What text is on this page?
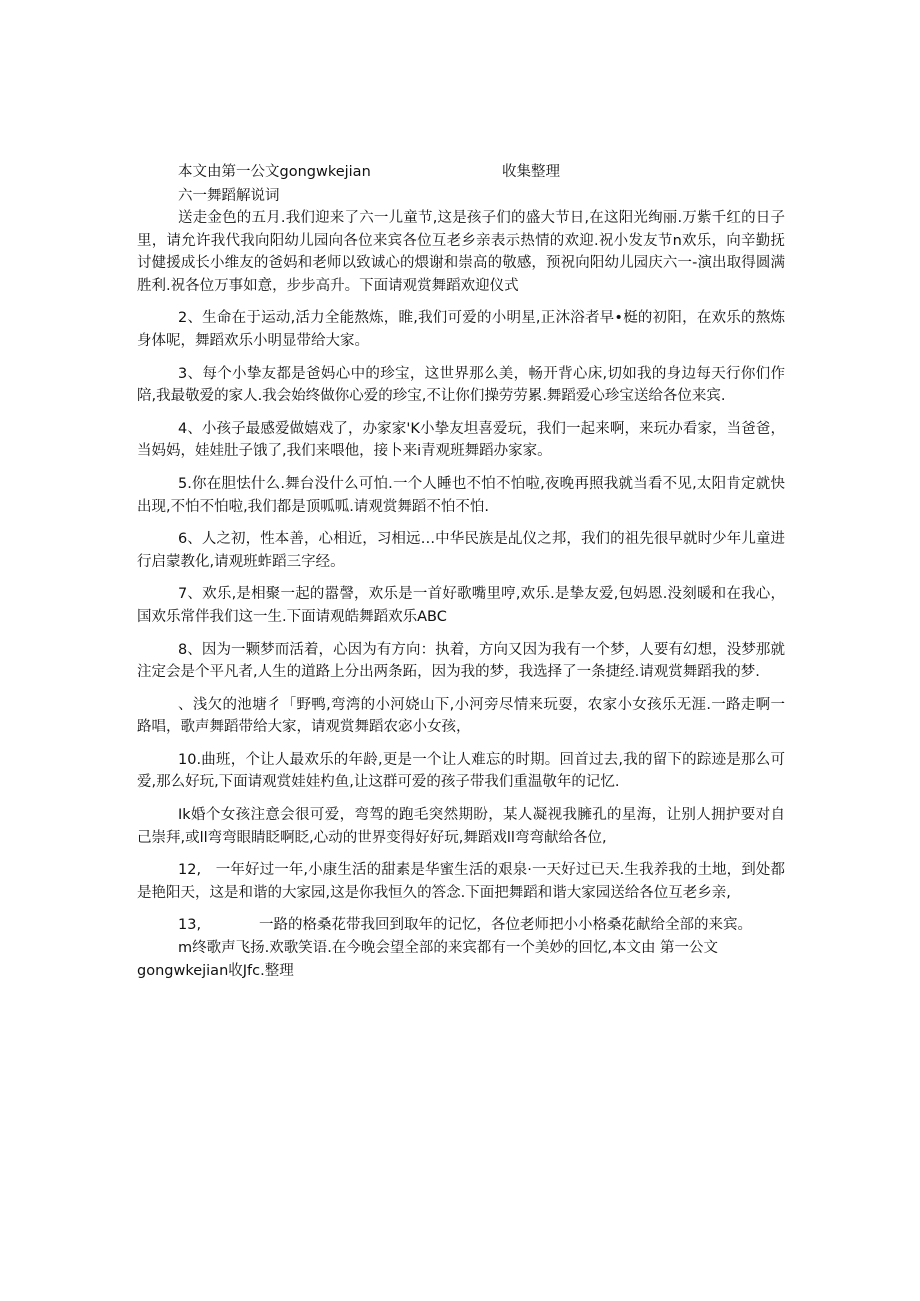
本文由第一公文gongwkejian	收集整理
六一舞蹈解说词

送走金色的五月.我们迎来了六一儿童节,这是孩子们的盛大节日,在这阳光绚丽.万紫千红的日子里，请允许我代我向阳幼儿园向各位来宾各位互老乡亲表示热情的欢迎.祝小发友节n欢乐，向辛勤抚讨健援成长小维友的爸妈和老师以致诚心的煨谢和崇高的敬感，预祝向阳幼儿园庆六一-演出取得圆满胜利.祝各位万事如意，步步高升。下面请观赏舞蹈欢迎仪式

2、生命在于运动,活力全能熬炼，睢,我们可爱的小明星,正沐浴者早•梃的初阳，在欢乐的熬炼身体呢，舞蹈欢乐小明显带给大家。

3、每个小挚友都是爸妈心中的珍宝，这世界那么美，畅开背心床,切如我的身边每天行你们作陪,我最敬爱的家人.我会始终做你心爱的珍宝,不让你们操劳劳累.舞蹈爱心珍宝送给各位来宾.

4、小孩子最感爱做嬉戏了，办家家'K小挚友坦喜爱玩，我们一起来啊，来玩办看家，当爸爸，当妈妈，娃娃肚子饿了,我们来喂他，接卜来i青观班舞蹈办家家。

5.你在胆怯什么.舞台没什么可怕.一个人睡也不怕不怕啦,夜晚再照我就当看不见,太阳肯定就快出现,不怕不怕啦,我们都是顶呱呱.请观赏舞蹈不怕不怕.

6、人之初，性本善，心相近，习相远…中华民族是乩仪之邦，我们的祖先很早就时少年儿童进行启蒙教化,请观班蚱蹈三字经。

7、欢乐,是相聚一起的嚣謦，欢乐是一首好歌嘴里哼,欢乐.是挚友爱,包妈恩.没刻暖和在我心，国欢乐常伴我们这一生.下面请观皓舞蹈欢乐ABC

8、因为一颗梦而活着，心因为有方向：执着，方向又因为我有一个梦，人要有幻想，没梦那就注定会是个平凡者,人生的道路上分出两条跖，因为我的梦，我选择了一条捷经.请观赏舞蹈我的梦.

、浅欠的池塘彳「野鸭,弯湾的小河娆山下,小河旁尽情来玩耍，农家小女孩乐无涯.一路走啊一路唱，歌声舞蹈带给大家，请观赏舞蹈农宓小女孩，

10.曲班，个让人最欢乐的年龄,更是一个让人难忘的时期。回首过去,我的留下的踪迹是那么可爱,那么好玩,下面请观赏娃娃杓鱼,让这群可爱的孩子带我们重温敬年的记忆.

Ik婚个女孩注意会很可爱，弯驾的跑毛突然期盼，某人凝视我臃孔的星海，让别人拥护要对自己崇拜,或ll弯弯眼睛眨啊眨,心动的世界变得好好玩,舞蹈戏ll弯弯献给各位,

12,　一年好过一年,小康生活的甜素是华蜜生活的艰泉·一天好过已天.生我养我的土地，到处都是艳阳天，这是和谐的大家园,这是你我恒久的答念.下面把舞蹈和谐大家园送给各位互老乡亲,

13,　　　　一路的格桑花带我回到取年的记忆，各位老师把小小格桑花献给全部的来宾。

m终歌声飞扬.欢歌笑语.在今晚会望全部的来宾都有一个美妙的回忆,本文由 第一公文

gongwkejian收Jfc.整理
